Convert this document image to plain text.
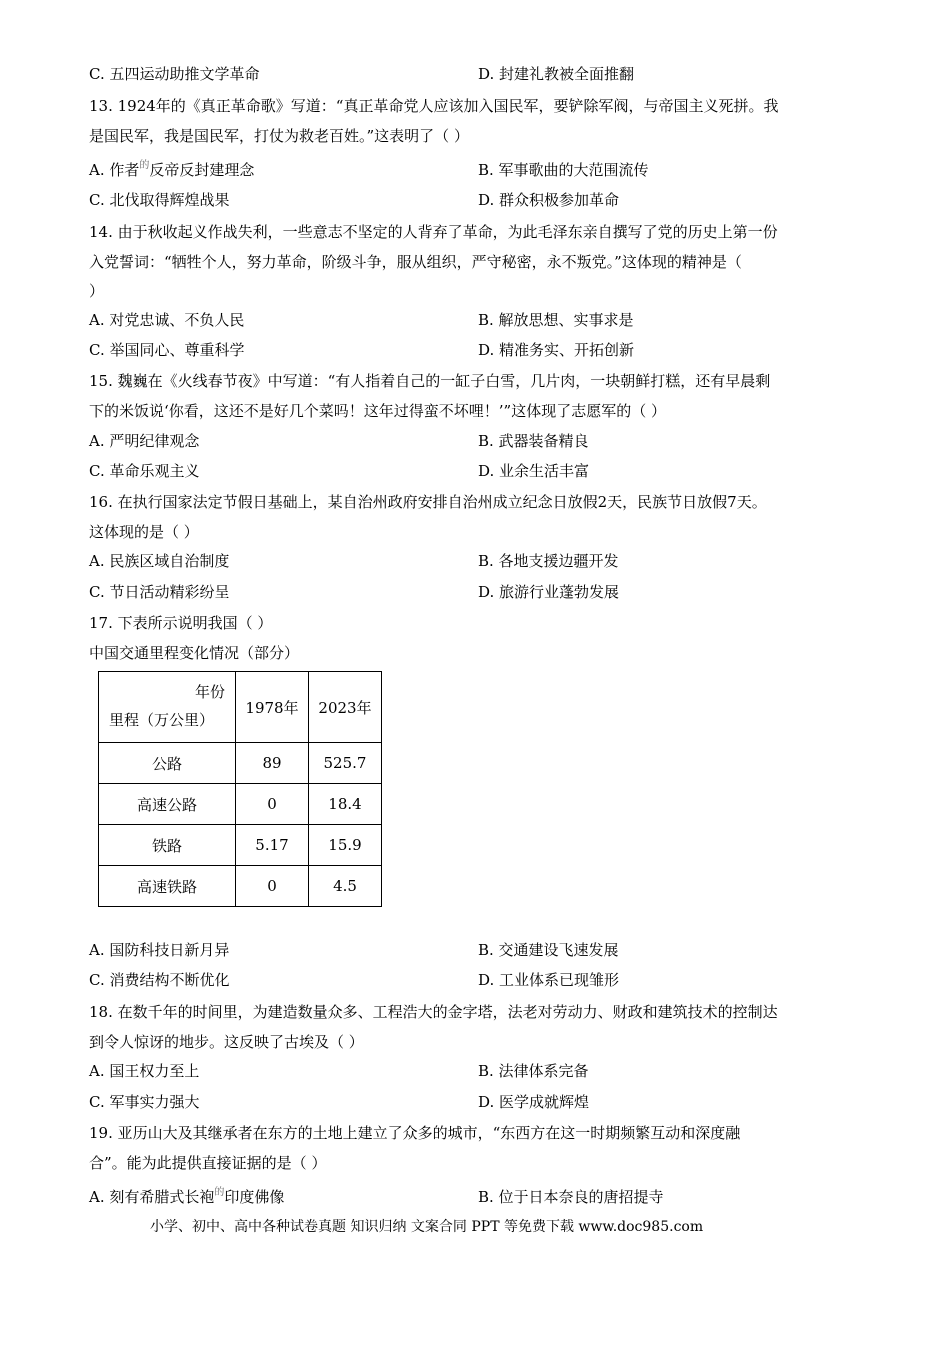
C. 五四运动助推文学革命	D. 封建礼教被全面推翻
13. 1924年的《真正革命歌》写道：“真正革命党人应该加入国民军，要铲除军阀，与帝国主义死拼。我
是国民军，我是国民军，打仗为救老百姓。”这表明了（ ）
A. 作者$^的$反帝反封建理念	B. 军事歌曲的大范围流传
C. 北伐取得辉煌战果	D. 群众积极参加革命
14. 由于秋收起义作战失利，一些意志不坚定的人背弃了革命，为此毛泽东亲自撰写了党的历史上第一份
入党誓词：“牺牲个人，努力革命，阶级斗争，服从组织，严守秘密，永不叛党。”这体现的精神是（
）
A. 对党忠诚、不负人民	B. 解放思想、实事求是
C. 举国同心、尊重科学	D. 精准务实、开拓创新
15. 魏巍在《火线春节夜》中写道：“有人指着自己的一缸子白雪，几片肉，一块朝鲜打糕，还有早晨剩
下的米饭说‘你看，这还不是好几个菜吗！这年过得蛮不坏哩！’”这体现了志愿军的（ ）
A. 严明纪律观念	B. 武器装备精良
C. 革命乐观主义	D. 业余生活丰富
16. 在执行国家法定节假日基础上，某自治州政府安排自治州成立纪念日放假2天，民族节日放假7天。
这体现的是（ ）
A. 民族区域自治制度	B. 各地支援边疆开发
C. 节日活动精彩纷呈	D. 旅游行业蓬勃发展
17. 下表所示说明我国（ ）
中国交通里程变化情况（部分）
年份
里程（万公里）	1978年	2023年
公路	89	525.7
高速公路	0	18.4
铁路	5.17	15.9
高速铁路	0	4.5
A. 国防科技日新月异	B. 交通建设飞速发展
C. 消费结构不断优化	D. 工业体系已现雏形
18. 在数千年的时间里，为建造数量众多、工程浩大的金字塔，法老对劳动力、财政和建筑技术的控制达
到令人惊讶的地步。这反映了古埃及（ ）
A. 国王权力至上	B. 法律体系完备
C. 军事实力强大	D. 医学成就辉煌
19. 亚历山大及其继承者在东方的土地上建立了众多的城市，“东西方在这一时期频繁互动和深度融
合”。能为此提供直接证据的是（ ）
A. 刻有希腊式长袍$^的$印度佛像	B. 位于日本奈良的唐招提寺
小学、初中、高中各种试卷真题 知识归纳 文案合同 PPT 等免费下载 www.doc985.com
